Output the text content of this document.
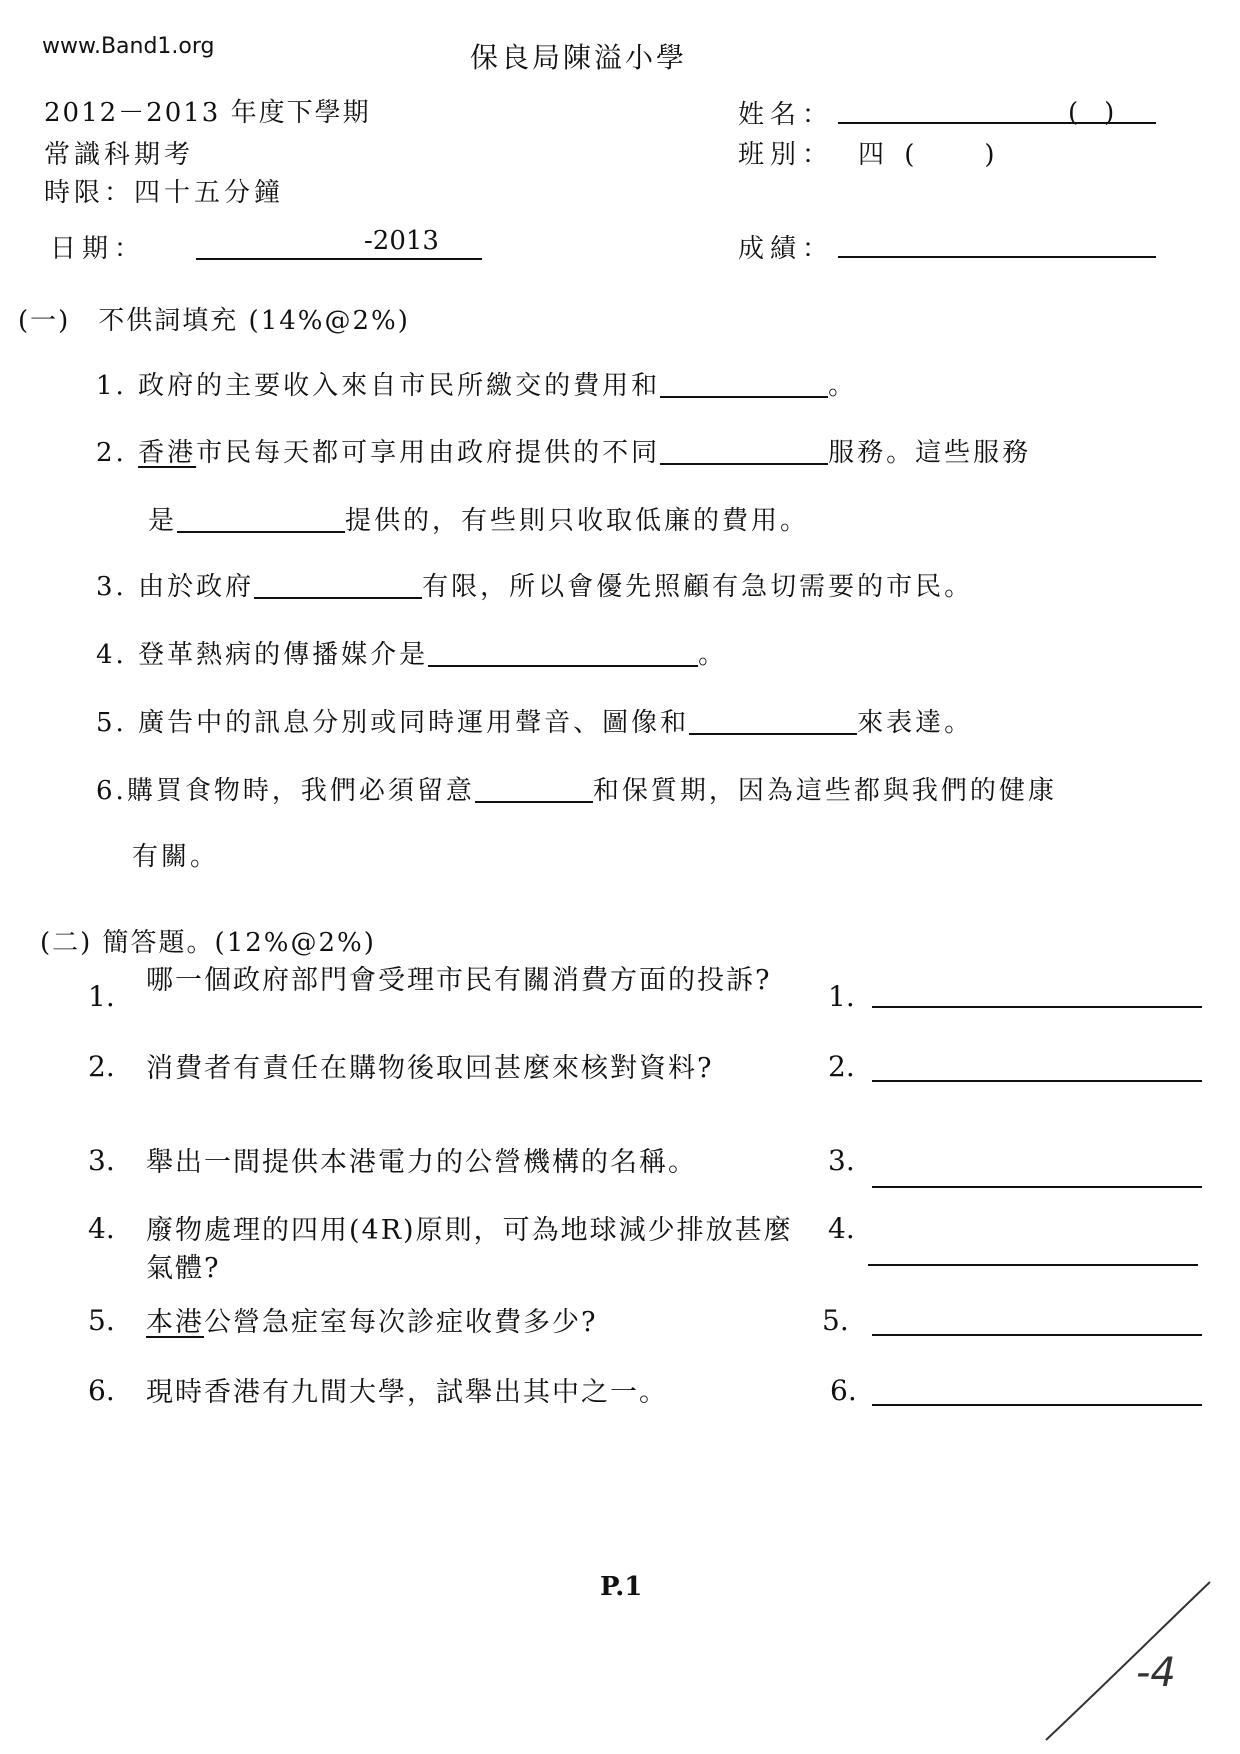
www.Band1.org	保良局陳溢小學
2012－2013 年度下學期
常識科期考
時限：四十五分鐘
日期：	-2013
姓名：	(　)
班別： 四 (　　)
成績：
(一)　不供詞填充 (14%@2%)
1. 政府的主要收入來自市民所繳交的費用和	。
2. 香港市民每天都可享用由政府提供的不同	服務。這些服務
是	提供的，有些則只收取低廉的費用。
3. 由於政府	有限，所以會優先照顧有急切需要的市民。
4. 登革熱病的傳播媒介是	。
5. 廣告中的訊息分別或同時運用聲音、圖像和	來表達。
6.購買食物時，我們必須留意	和保質期，因為這些都與我們的健康
有關。
(二) 簡答題。(12%@2%)
1. 哪一個政府部門會受理市民有關消費方面的投訴?	1.
2. 消費者有責任在購物後取回甚麼來核對資料?	2.
3. 舉出一間提供本港電力的公營機構的名稱。	3.
4. 廢物處理的四用(4R)原則，可為地球減少排放甚麼氣體?
4.
5. 本港公營急症室每次診症收費多少?	5.
6. 現時香港有九間大學，試舉出其中之一。	6.
P.1
-4
